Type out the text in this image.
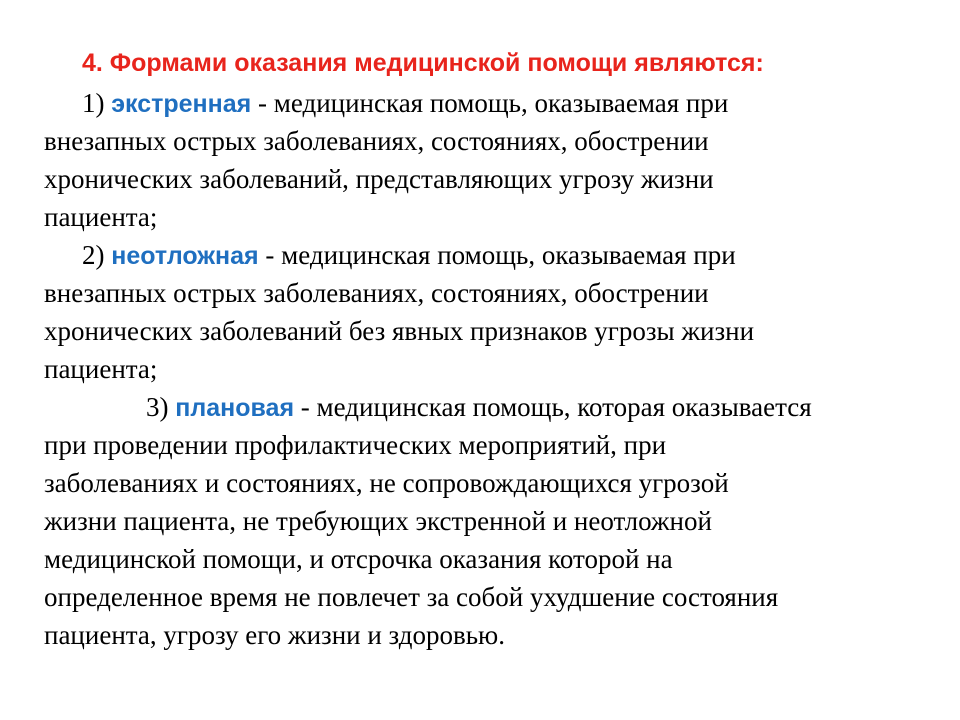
4. Формами оказания медицинской помощи являются:
1) экстренная - медицинская помощь, оказываемая при
внезапных острых заболеваниях, состояниях, обострении
хронических заболеваний, представляющих угрозу жизни
пациента;
2) неотложная - медицинская помощь, оказываемая при
внезапных острых заболеваниях, состояниях, обострении
хронических заболеваний без явных признаков угрозы жизни
пациента;
3) плановая - медицинская помощь, которая оказывается
при проведении профилактических мероприятий, при
заболеваниях и состояниях, не сопровождающихся угрозой
жизни пациента, не требующих экстренной и неотложной
медицинской помощи, и отсрочка оказания которой на
определенное время не повлечет за собой ухудшение состояния
пациента, угрозу его жизни и здоровью.
